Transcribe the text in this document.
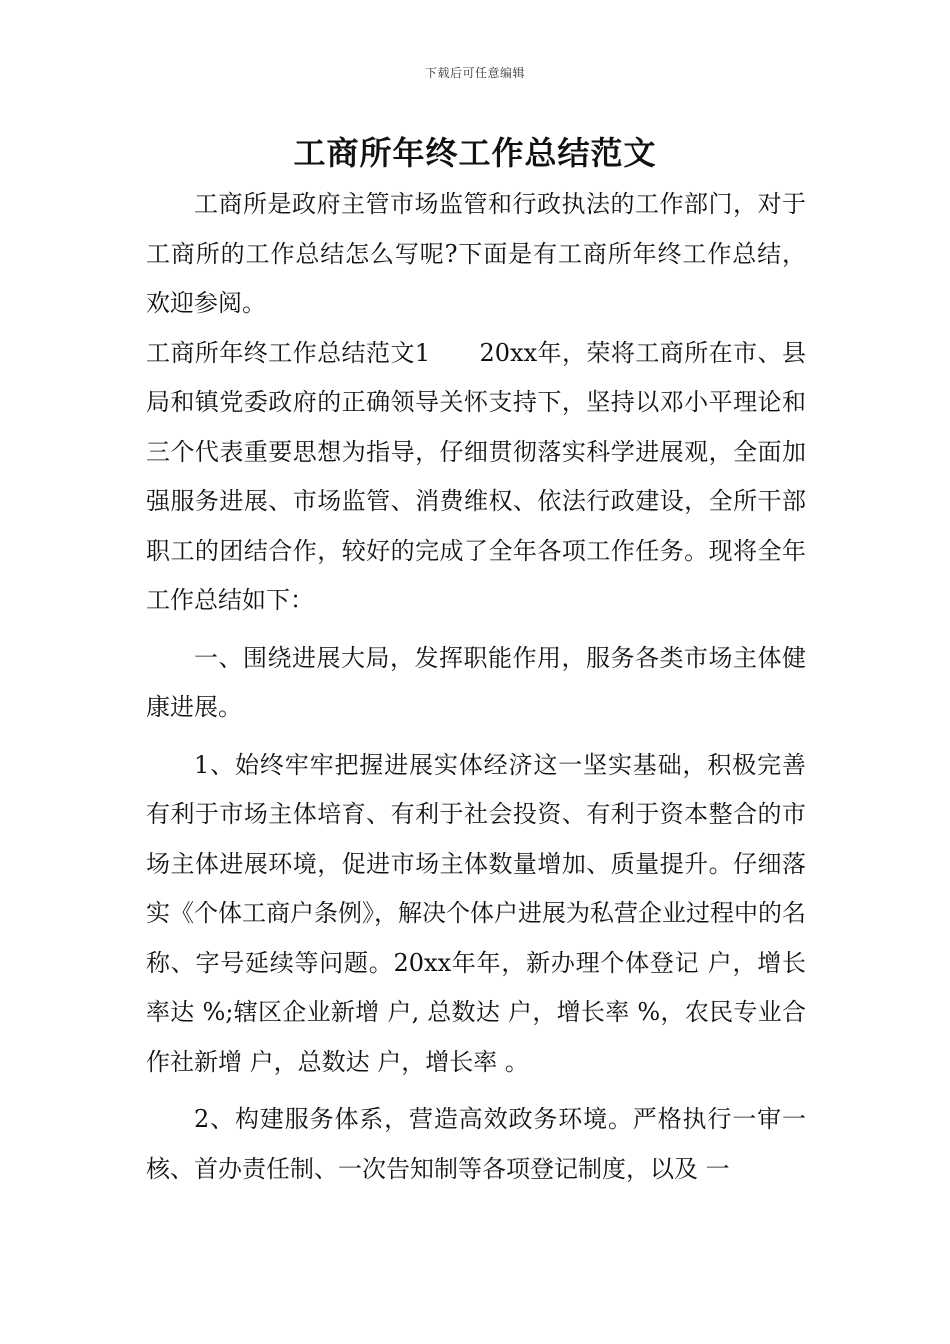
下载后可任意编辑
工商所年终工作总结范文

工商所是政府主管市场监管和行政执法的工作部门，对于工商所的工作总结怎么写呢?下面是有工商所年终工作总结，欢迎参阅。

工商所年终工作总结范文1　　20xx年，荣将工商所在市、县局和镇党委政府的正确领导关怀支持下，坚持以邓小平理论和三个代表重要思想为指导，仔细贯彻落实科学进展观，全面加强服务进展、市场监管、消费维权、依法行政建设，全所干部职工的团结合作，较好的完成了全年各项工作任务。现将全年工作总结如下：

一、围绕进展大局，发挥职能作用，服务各类市场主体健康进展。

1、始终牢牢把握进展实体经济这一坚实基础，积极完善有利于市场主体培育、有利于社会投资、有利于资本整合的市场主体进展环境，促进市场主体数量增加、质量提升。仔细落实《个体工商户条例》，解决个体户进展为私营企业过程中的名称、字号延续等问题。20xx年年，新办理个体登记 户，增长率达 %;辖区企业新增 户, 总数达 户，增长率 %，农民专业合作社新增 户，总数达 户，增长率 。

2、构建服务体系，营造高效政务环境。严格执行一审一核、首办责任制、一次告知制等各项登记制度，以及 一
